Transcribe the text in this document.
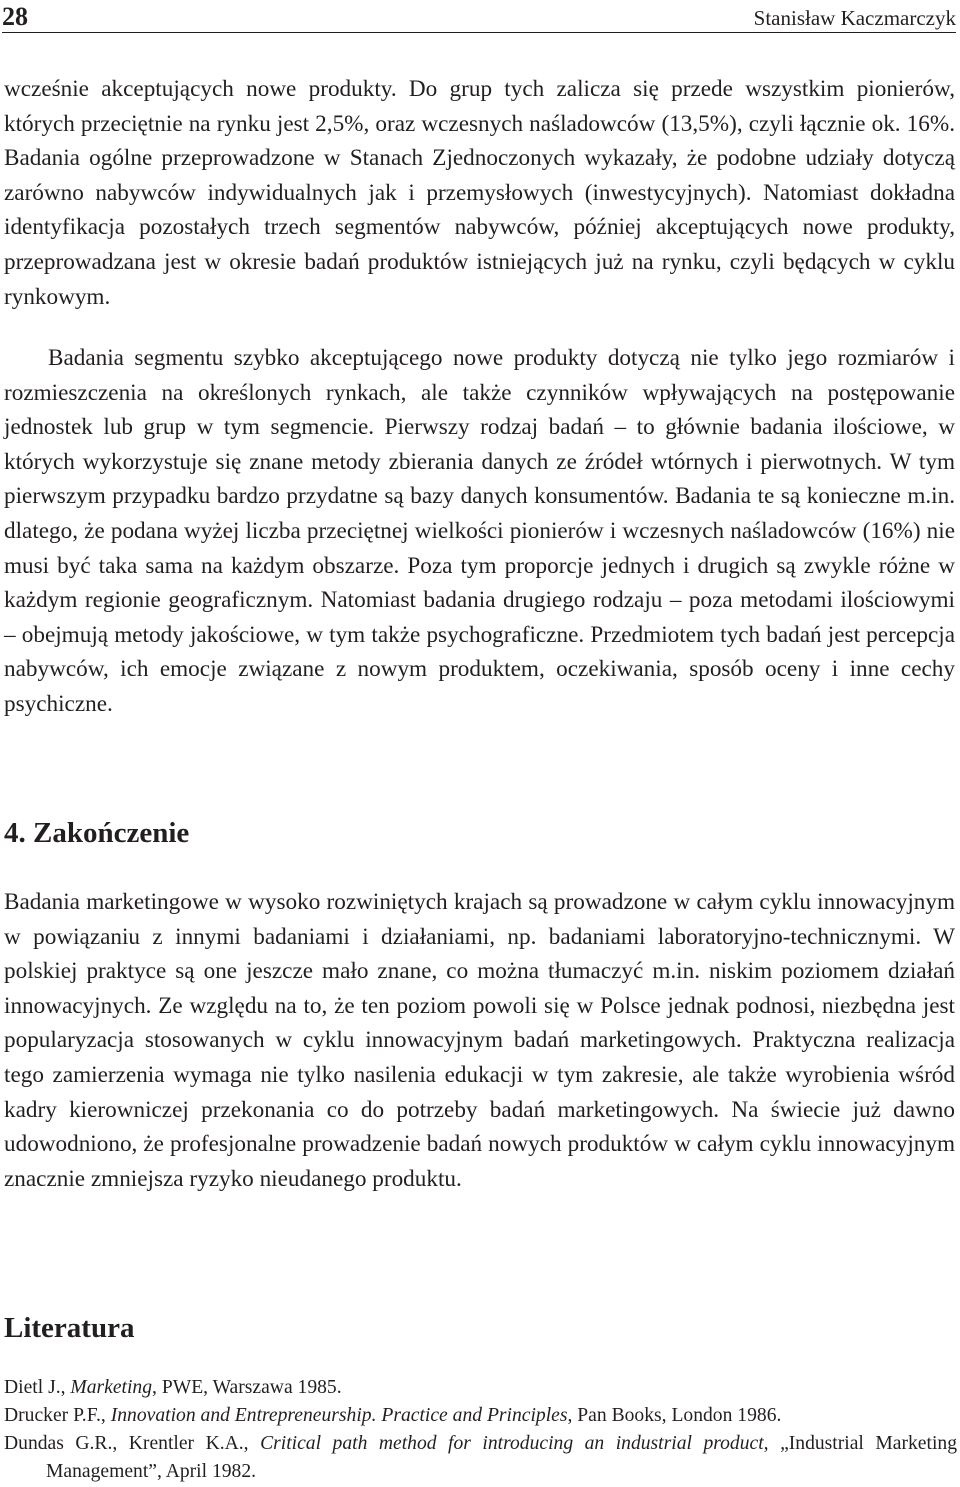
28	Stanisław Kaczmarczyk

wcześnie akceptujących nowe produkty. Do grup tych zalicza się przede wszystkim pionierów, których przeciętnie na rynku jest 2,5%, oraz wczesnych naśladowców (13,5%), czyli łącznie ok. 16%. Badania ogólne przeprowadzone w Stanach Zjednoczonych wykazały, że podobne udziały dotyczą zarówno nabywców indywidualnych jak i przemysłowych (inwestycyjnych). Natomiast dokładna identyfikacja pozostałych trzech segmentów nabywców, później akceptujących nowe produkty, przeprowadzana jest w okresie badań produktów istniejących już na rynku, czyli będących w cyklu rynkowym.

Badania segmentu szybko akceptującego nowe produkty dotyczą nie tylko jego rozmiarów i rozmieszczenia na określonych rynkach, ale także czynników wpływających na postępowanie jednostek lub grup w tym segmencie. Pierwszy rodzaj badań – to głównie badania ilościowe, w których wykorzystuje się znane metody zbierania danych ze źródeł wtórnych i pierwotnych. W tym pierwszym przypadku bardzo przydatne są bazy danych konsumentów. Badania te są konieczne m.in. dlatego, że podana wyżej liczba przeciętnej wielkości pionierów i wczesnych naśladowców (16%) nie musi być taka sama na każdym obszarze. Poza tym proporcje jednych i drugich są zwykle różne w każdym regionie geograficznym. Natomiast badania drugiego rodzaju – poza metodami ilościowymi – obejmują metody jakościowe, w tym także psychograficzne. Przedmiotem tych badań jest percepcja nabywców, ich emocje związane z nowym produktem, oczekiwania, sposób oceny i inne cechy psychiczne.

4. Zakończenie

Badania marketingowe w wysoko rozwiniętych krajach są prowadzone w całym cyklu innowacyjnym w powiązaniu z innymi badaniami i działaniami, np. badaniami laboratoryjno-technicznymi. W polskiej praktyce są one jeszcze mało znane, co można tłumaczyć m.in. niskim poziomem działań innowacyjnych. Ze względu na to, że ten poziom powoli się w Polsce jednak podnosi, niezbędna jest popularyzacja stosowanych w cyklu innowacyjnym badań marketingowych. Praktyczna realizacja tego zamierzenia wymaga nie tylko nasilenia edukacji w tym zakresie, ale także wyrobienia wśród kadry kierowniczej przekonania co do potrzeby badań marketingowych. Na świecie już dawno udowodniono, że profesjonalne prowadzenie badań nowych produktów w całym cyklu innowacyjnym znacznie zmniejsza ryzyko nieudanego produktu.

Literatura
Dietl J., Marketing, PWE, Warszawa 1985.
Drucker P.F., Innovation and Entrepreneurship. Practice and Principles, Pan Books, London 1986.
Dundas G.R., Krentler K.A., Critical path method for introducing an industrial product, „Industrial Marketing Management”, April 1982.
